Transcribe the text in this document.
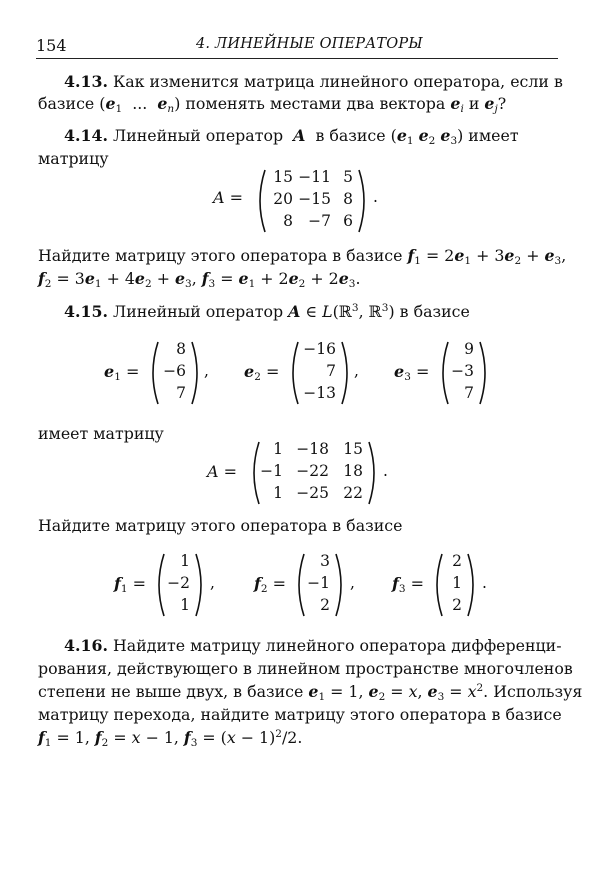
154	4. ЛИНЕЙНЫЕ ОПЕРАТОРЫ
4.13. Как изменится матрица линейного оператора, если в
базисе ($e_1$  ...  $e_n$) поменять местами два вектора $e_i$ и $e_j$?
4.14. Линейный оператор A в базисе ($e_1$ $e_2$ $e_3$) имеет
матрицу
A =
15 −11 5
20 −15 8
8 −7 6
.
Найдите матрицу этого оператора в базисе $f_1 = 2e_1 + 3e_2 + e_3$,
$f_2 = 3e_1 + 4e_2 + e_3$, $f_3 = e_1 + 2e_2 + 2e_3$.
4.15. Линейный оператор A ∈ L(ℝ$^3$, ℝ$^3$) в базисе
$e_1$ =
8
−6
7
, $e_2$ =
−16
7
−13
, $e_3$ =
9
−3
7
имеет матрицу
A =
1 −18 15
−1 −22 18
1 −25 22
.
Найдите матрицу этого оператора в базисе
$f_1$ =
1
−2
1
, $f_2$ =
3
−1
2
, $f_3$ =
2
1
2
.
4.16. Найдите матрицу линейного оператора дифференци-
рования, действующего в линейном пространстве многочленов
степени не выше двух, в базисе $e_1 = 1$, $e_2 = x$, $e_3 = x^2$. Используя
матрицу перехода, найдите матрицу этого оператора в базисе
$f_1 = 1$, $f_2 = x - 1$, $f_3 = (x - 1)^2/2$.
